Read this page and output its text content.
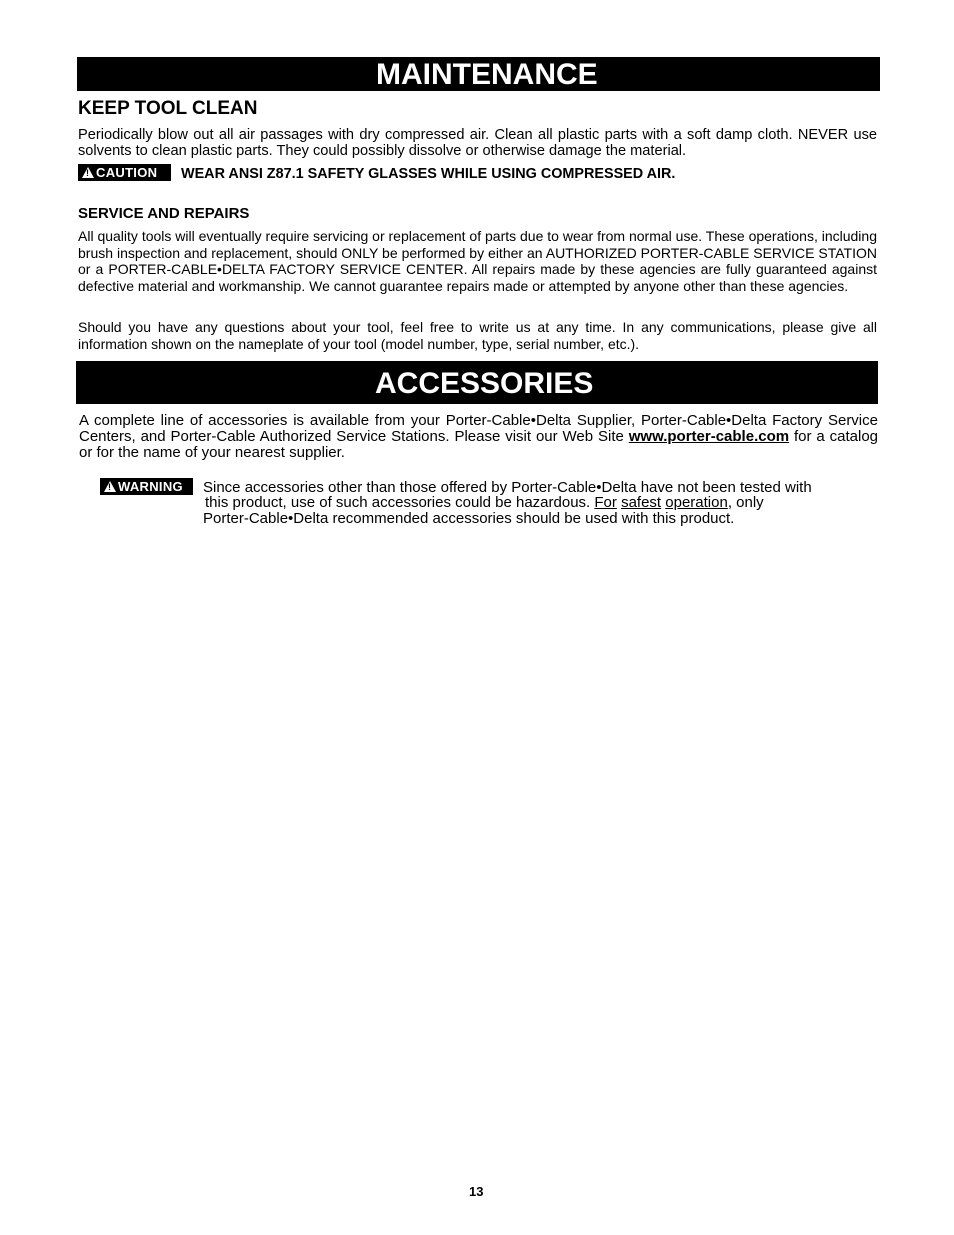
MAINTENANCE
KEEP TOOL CLEAN
Periodically blow out all air passages with dry compressed air. Clean all plastic parts with a soft damp cloth. NEVER use solvents to clean plastic parts. They could possibly dissolve or otherwise damage the material.
!CAUTION	WEAR ANSI Z87.1 SAFETY GLASSES WHILE USING COMPRESSED AIR.
SERVICE AND REPAIRS
All quality tools will eventually require servicing or replacement of parts due to wear from normal use. These operations, including brush inspection and replacement, should ONLY be performed by either an AUTHORIZED PORTER-CABLE SERVICE STATION or a PORTER-CABLE•DELTA FACTORY SERVICE CENTER. All repairs made by these agencies are fully guaranteed against defective material and workmanship. We cannot guarantee repairs made or attempted by anyone other than these agencies.
Should you have any questions about your tool, feel free to write us at any time. In any communications, please give all information shown on the nameplate of your tool (model number, type, serial number, etc.).
ACCESSORIES
A complete line of accessories is available from your Porter-Cable•Delta Supplier, Porter-Cable•Delta Factory Service Centers, and Porter-Cable Authorized Service Stations. Please visit our Web Site www.porter-cable.com for a catalog or for the name of your nearest supplier.
!WARNING	Since accessories other than those offered by Porter-Cable•Delta have not been tested with
this product, use of such accessories could be hazardous. For safest operation, only
Porter-Cable•Delta recommended accessories should be used with this product.
13
